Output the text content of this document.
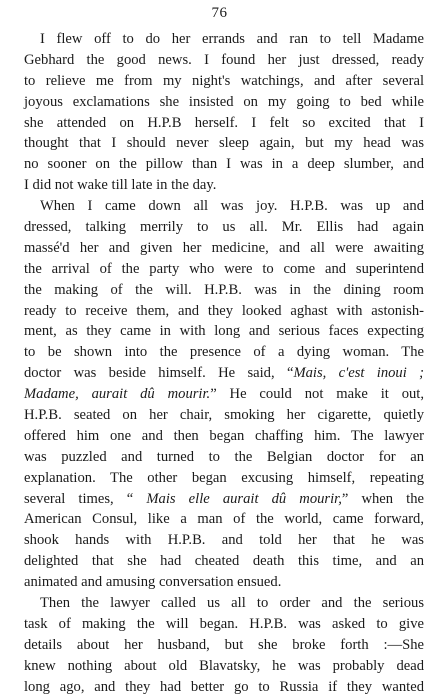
76
I flew off to do her errands and ran to tell Madame
Gebhard the good news. I found her just dressed, ready
to relieve me from my night's watchings, and after several
joyous exclamations she insisted on my going to bed while
she attended on H.P.B herself. I felt so excited that I
thought that I should never sleep again, but my head was
no sooner on the pillow than I was in a deep slumber, and
I did not wake till late in the day.
When I came down all was joy. H.P.B. was up and
dressed, talking merrily to us all. Mr. Ellis had again
massé'd her and given her medicine, and all were awaiting
the arrival of the party who were to come and superintend
the making of the will. H.P.B. was in the dining room
ready to receive them, and they looked aghast with astonish-
ment, as they came in with long and serious faces expecting
to be shown into the presence of a dying woman. The
doctor was beside himself. He said, “Mais, c'est inoui ;
Madame, aurait dû mourir.” He could not make it out,
H.P.B. seated on her chair, smoking her cigarette, quietly
offered him one and then began chaffing him. The lawyer
was puzzled and turned to the Belgian doctor for an
explanation. The other began excusing himself, repeating
several times, “ Mais elle aurait dû mourir,” when the
American Consul, like a man of the world, came forward,
shook hands with H.P.B. and told her that he was
delighted that she had cheated death this time, and an
animated and amusing conversation ensued.
Then the lawyer called us all to order and the serious
task of making the will began. H.P.B. was asked to give
details about her husband, but she broke forth :—She
knew nothing about old Blavatsky, he was probably dead
long ago, and they had better go to Russia if they wanted
